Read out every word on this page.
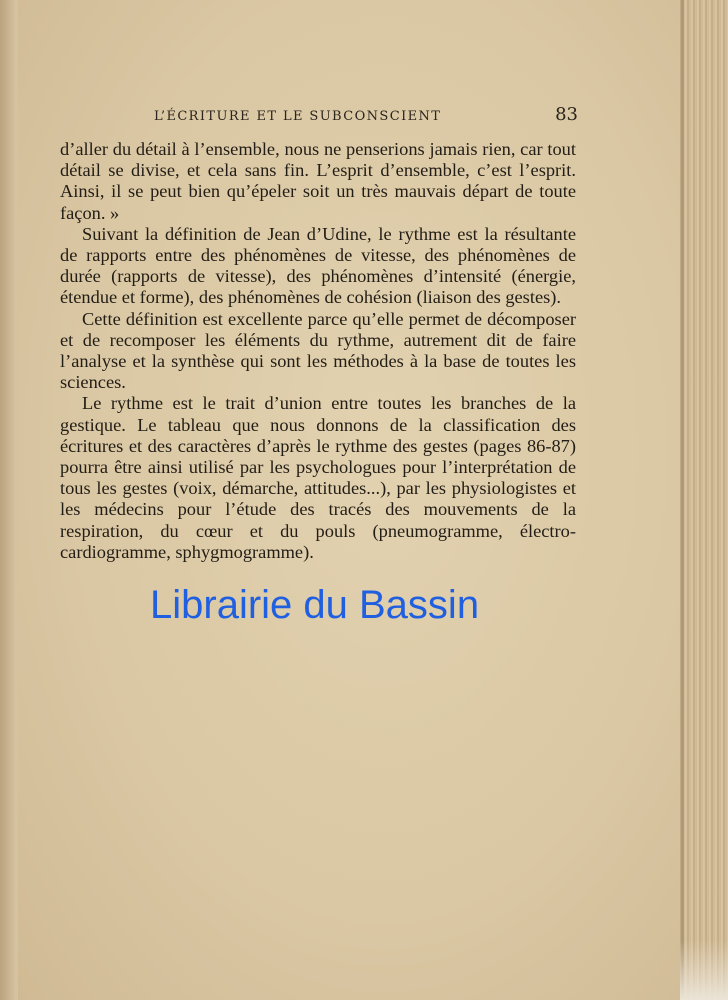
L’ÉCRITURE ET LE SUBCONSCIENT	83

d’aller du détail à l’ensemble, nous ne penserions jamais rien, car tout détail se divise, et cela sans fin. L’esprit d’ensemble, c’est l’esprit. Ainsi, il se peut bien qu’épeler soit un très mauvais départ de toute façon. »

Suivant la définition de Jean d’Udine, le rythme est la résultante de rapports entre des phénomènes de vitesse, des phénomènes de durée (rapports de vitesse), des phénomènes d’intensité (énergie, étendue et forme), des phénomènes de cohésion (liaison des gestes).

Cette définition est excellente parce qu’elle permet de décomposer et de recomposer les éléments du rythme, autrement dit de faire l’analyse et la synthèse qui sont les méthodes à la base de toutes les sciences.

Le rythme est le trait d’union entre toutes les branches de la gestique. Le tableau que nous donnons de la classification des écritures et des caractères d’après le rythme des gestes (pages 86-87) pourra être ainsi utilisé par les psychologues pour l’interprétation de tous les gestes (voix, démarche, attitudes...), par les physiologistes et les médecins pour l’étude des tracés des mouvements de la respiration, du cœur et du pouls (pneumogramme, électro-cardiogramme, sphygmogramme).

Librairie du Bassin
